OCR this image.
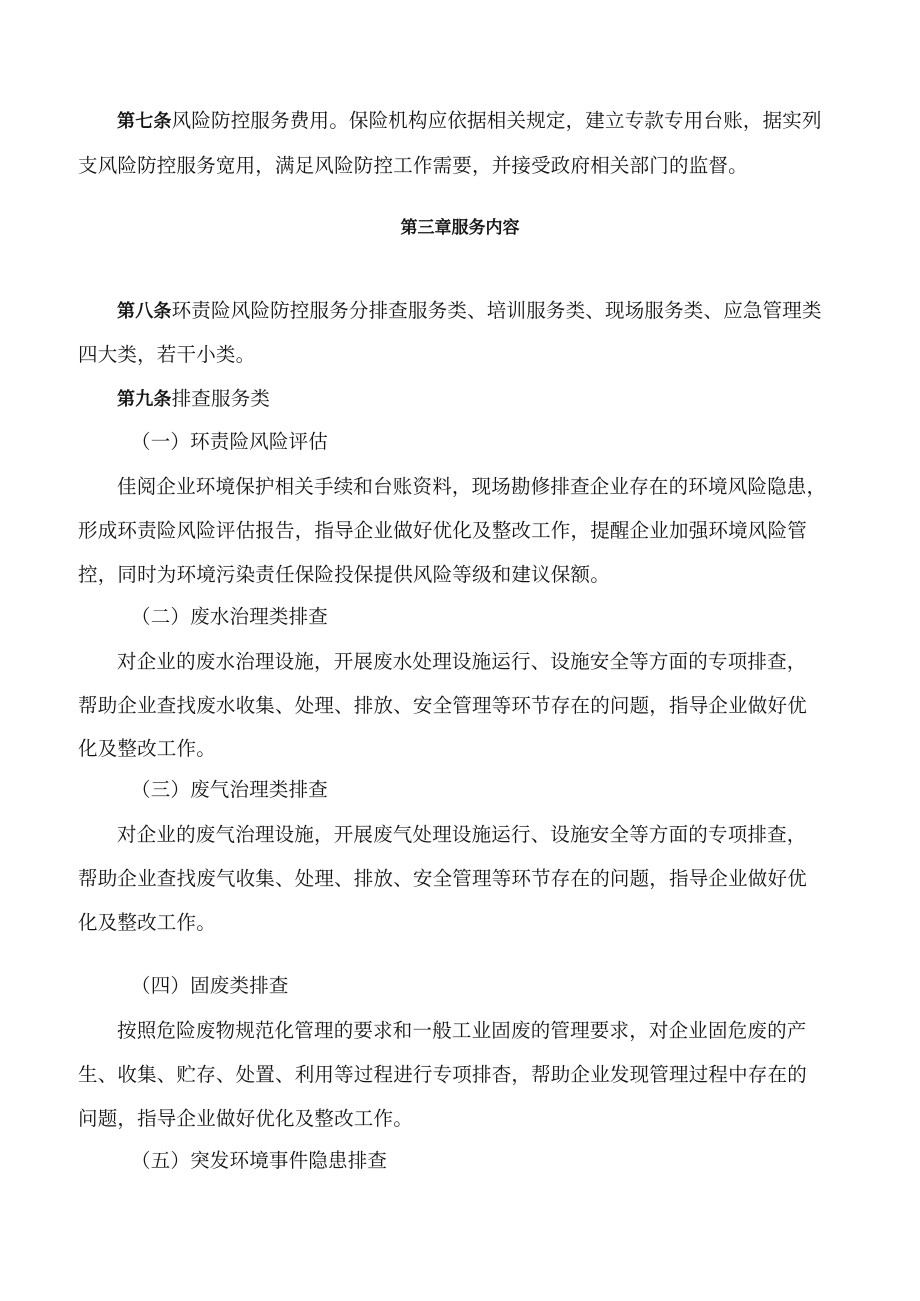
第七条风险防控服务费用。保险机构应依据相关规定，建立专款专用台账，据实列
支风险防控服务宽用，满足风险防控工作需要，并接受政府相关部门的监督。
第三章服务内容
第八条环责险风险防控服务分排查服务类、培训服务类、现场服务类、应急管理类
四大类，若干小类。
第九条排查服务类
（一）环责险风险评估
佳阅企业环境保护相关手续和台账资料，现场勘修排查企业存在的环境风险隐患，
形成环责险风险评估报告，指导企业做好优化及整改工作，提醒企业加强环境风险管
控，同时为环境污染责任保险投保提供风险等级和建议保额。
（二）废水治理类排查
对企业的废水治理设施，开展废水处理设施运行、设施安全等方面的专项排查，
帮助企业查找废水收集、处理、排放、安全管理等环节存在的问题，指导企业做好优
化及整改工作。
（三）废气治理类排查
对企业的废气治理设施，开展废气处理设施运行、设施安全等方面的专项排查，
帮助企业查找废气收集、处理、排放、安全管理等环节存在的问题，指导企业做好优
化及整改工作。
（四）固废类排查
按照危险废物规范化管理的要求和一般工业固废的管理要求，对企业固危废的产
生、收集、贮存、处置、利用等过程进行专项排杳，帮助企业发现管理过程中存在的
问题，指导企业做好优化及整改工作。
（五）突发环境事件隐患排查
